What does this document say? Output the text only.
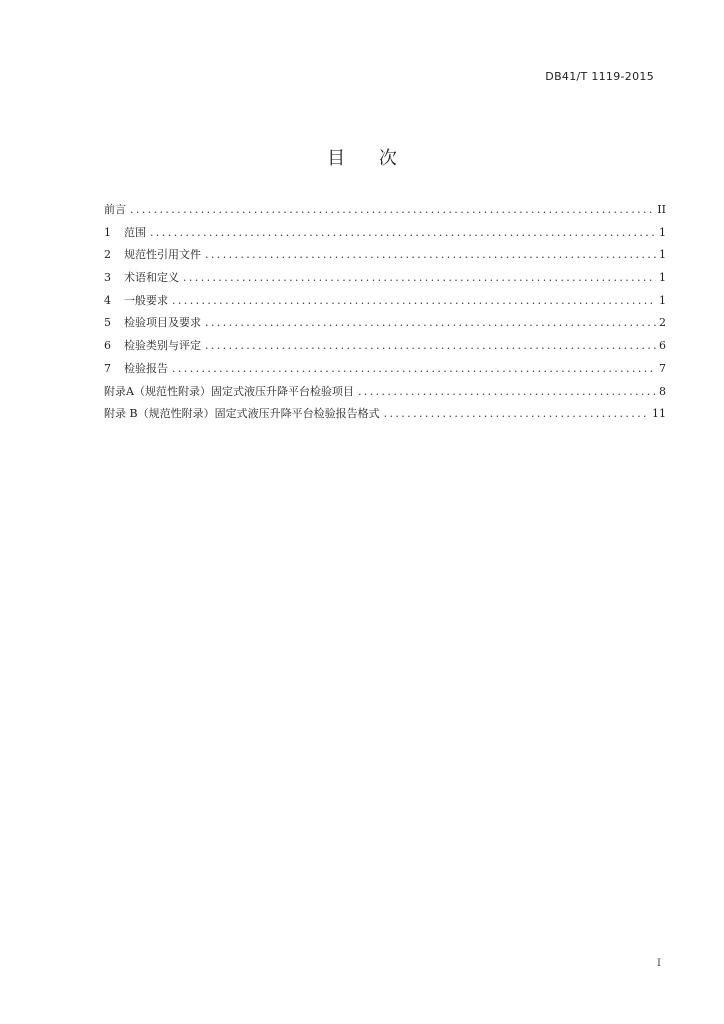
DB41/T 1119-2015
目 次
前言 .....	II
1	范围 .....	1
2	规范性引用文件 .....	1
3	术语和定义 .....	1
4	一般要求 .....	1
5	检验项目及要求 .....	2
6	检验类别与评定 .....	6
7	检验报告 .....	7
附录A（规范性附录）固定式液压升降平台检验项目 .....	8
附录 B（规范性附录）固定式液压升降平台检验报告格式 .....	11
I
